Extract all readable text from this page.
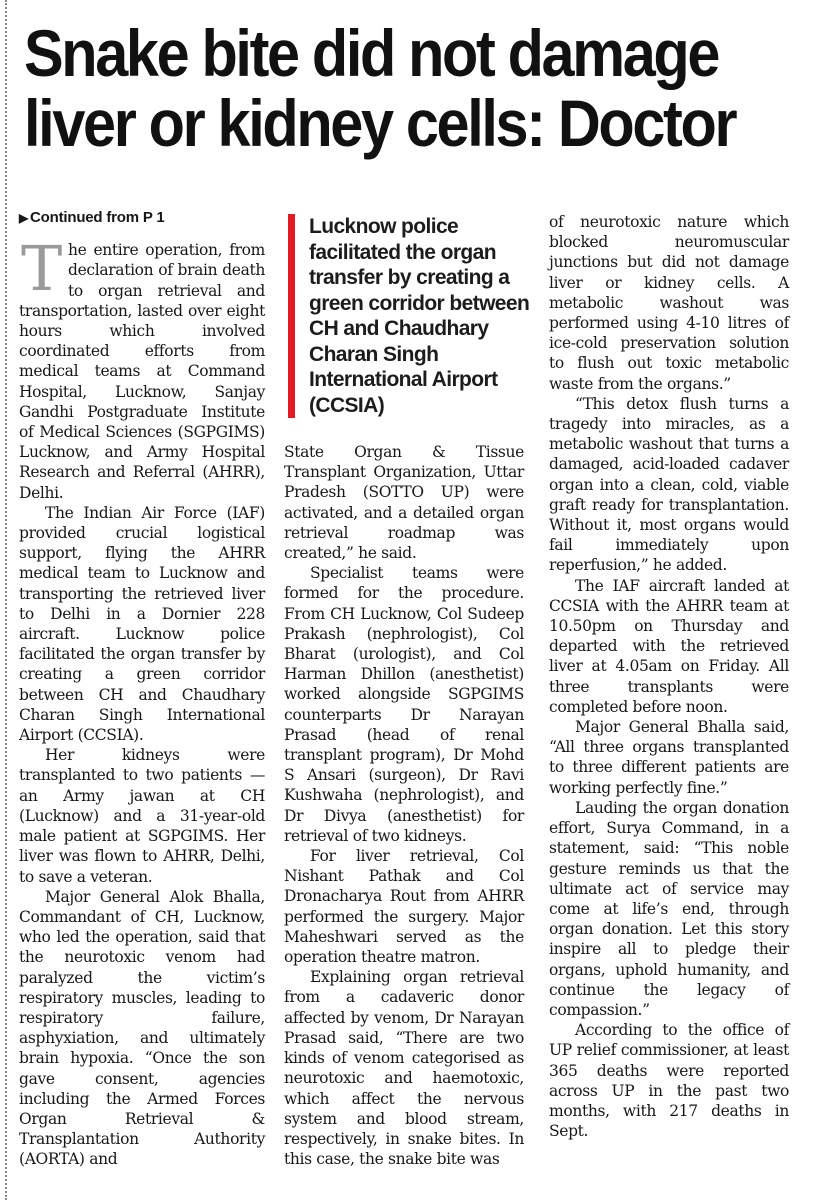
Snake bite did not damage
liver or kidney cells: Doctor
▶ Continued from P 1

The entire operation, from declaration of brain death to organ retrieval and transportation, lasted over eight hours which involved coordinated efforts from medical teams at Command Hospital, Lucknow, Sanjay Gandhi Postgraduate Institute of Medical Sciences (SGPGIMS) Lucknow, and Army Hospital Research and Referral (AHRR), Delhi.

The Indian Air Force (IAF) provided crucial logistical support, flying the AHRR medical team to Lucknow and transporting the retrieved liver to Delhi in a Dornier 228 aircraft. Lucknow police facilitated the organ transfer by creating a green corridor between CH and Chaudhary Charan Singh International Airport (CCSIA).

Her kidneys were transplanted to two patients — an Army jawan at CH (Lucknow) and a 31-year-old male patient at SGPGIMS. Her liver was flown to AHRR, Delhi, to save a veteran.

Major General Alok Bhalla, Commandant of CH, Lucknow, who led the operation, said that the neurotoxic venom had paralyzed the victim’s respiratory muscles, leading to respiratory failure, asphyxiation, and ultimately brain hypoxia. “Once the son gave consent, agencies including the Armed Forces Organ Retrieval & Transplantation Authority (AORTA) and

Lucknow police facilitated the organ transfer by creating a green corridor between CH and Chaudhary Charan Singh International Airport (CCSIA)

State Organ & Tissue Transplant Organization, Uttar Pradesh (SOTTO UP) were activated, and a detailed organ retrieval roadmap was created,” he said.

Specialist teams were formed for the procedure. From CH Lucknow, Col Sudeep Prakash (nephrologist), Col Bharat (urologist), and Col Harman Dhillon (anesthetist) worked alongside SGPGIMS counterparts Dr Narayan Prasad (head of renal transplant program), Dr Mohd S Ansari (surgeon), Dr Ravi Kushwaha (nephrologist), and Dr Divya (anesthetist) for retrieval of two kidneys.

For liver retrieval, Col Nishant Pathak and Col Dronacharya Rout from AHRR performed the surgery. Major Maheshwari served as the operation theatre matron.

Explaining organ retrieval from a cadaveric donor affected by venom, Dr Narayan Prasad said, “There are two kinds of venom categorised as neurotoxic and haemotoxic, which affect the nervous system and blood stream, respectively, in snake bites. In this case, the snake bite was

of neurotoxic nature which blocked neuromuscular junctions but did not damage liver or kidney cells. A metabolic washout was performed using 4-10 litres of ice-cold preservation solution to flush out toxic metabolic waste from the organs.”

“This detox flush turns a tragedy into miracles, as a metabolic washout that turns a damaged, acid-loaded cadaver organ into a clean, cold, viable graft ready for transplantation. Without it, most organs would fail immediately upon reperfusion,” he added.

The IAF aircraft landed at CCSIA with the AHRR team at 10.50pm on Thursday and departed with the retrieved liver at 4.05am on Friday. All three transplants were completed before noon.

Major General Bhalla said, “All three organs transplanted to three different patients are working perfectly fine.”

Lauding the organ donation effort, Surya Command, in a statement, said: “This noble gesture reminds us that the ultimate act of service may come at life’s end, through organ donation. Let this story inspire all to pledge their organs, uphold humanity, and continue the legacy of compassion.”

According to the office of UP relief commissioner, at least 365 deaths were reported across UP in the past two months, with 217 deaths in Sept.
